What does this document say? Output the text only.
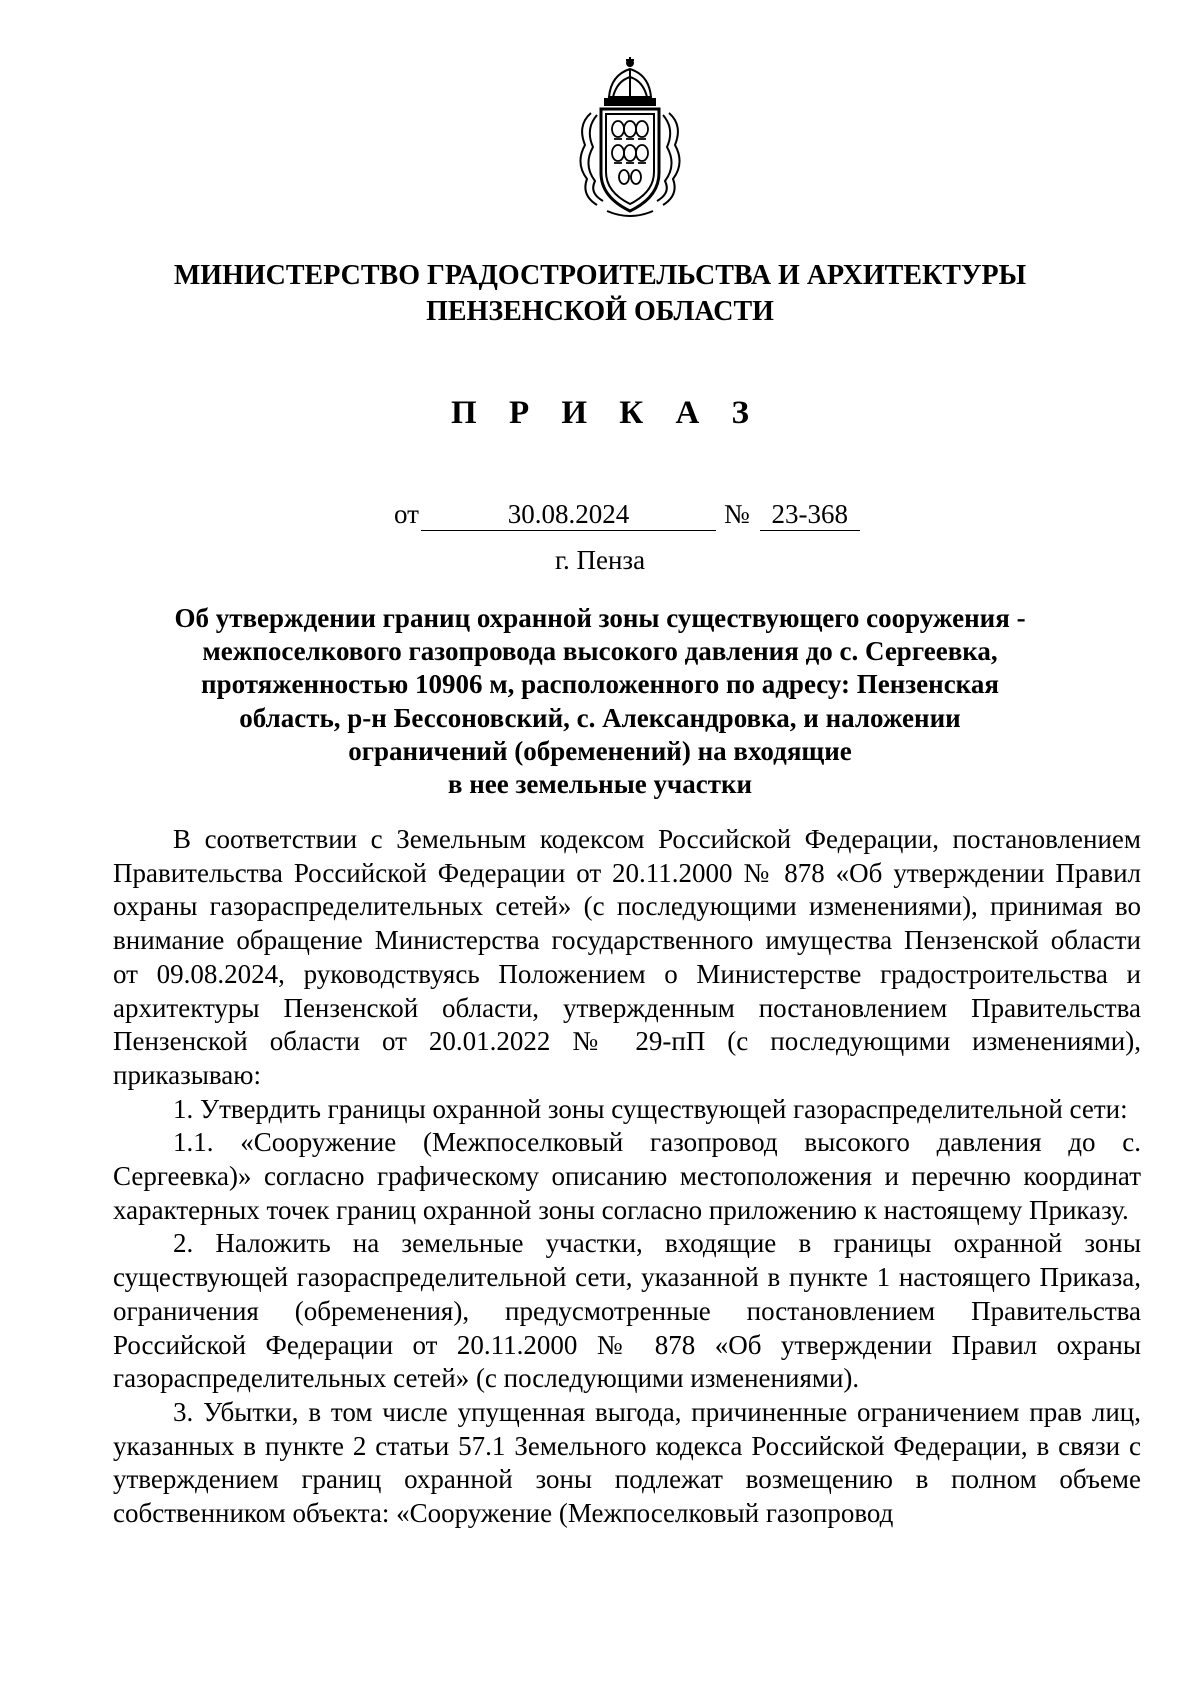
МИНИСТЕРСТВО ГРАДОСТРОИТЕЛЬСТВА И АРХИТЕКТУРЫ
ПЕНЗЕНСКОЙ ОБЛАСТИ
П Р И К А З
от	30.08.2024	№ 23-368
г. Пенза
Об утверждении границ охранной зоны существующего сооружения -
межпоселкового газопровода высокого давления до с. Сергеевка,
протяженностью 10906 м, расположенного по адресу: Пензенская
область, р-н Бессоновский, с. Александровка, и наложении
ограничений (обременений) на входящие
в нее земельные участки

В соответствии с Земельным кодексом Российской Федерации, постановлением Правительства Российской Федерации от 20.11.2000 № 878 «Об утверждении Правил охраны газораспределительных сетей» (с последующими изменениями), принимая во внимание обращение Министерства государственного имущества Пензенской области от 09.08.2024, руководствуясь Положением о Министерстве градостроительства и архитектуры Пензенской области, утвержденным постановлением Правительства Пензенской области от 20.01.2022 № 29-пП (с последующими изменениями), приказываю:

1. Утвердить границы охранной зоны существующей газораспределительной сети:

1.1. «Сооружение (Межпоселковый газопровод высокого давления до с. Сергеевка)» согласно графическому описанию местоположения и перечню координат характерных точек границ охранной зоны согласно приложению к настоящему Приказу.

2. Наложить на земельные участки, входящие в границы охранной зоны существующей газораспределительной сети, указанной в пункте 1 настоящего Приказа, ограничения (обременения), предусмотренные постановлением Правительства Российской Федерации от 20.11.2000 № 878 «Об утверждении Правил охраны газораспределительных сетей» (с последующими изменениями).

3. Убытки, в том числе упущенная выгода, причиненные ограничением прав лиц, указанных в пункте 2 статьи 57.1 Земельного кодекса Российской Федерации, в связи с утверждением границ охранной зоны подлежат возмещению в полном объеме собственником объекта: «Сооружение (Межпоселковый газопровод
